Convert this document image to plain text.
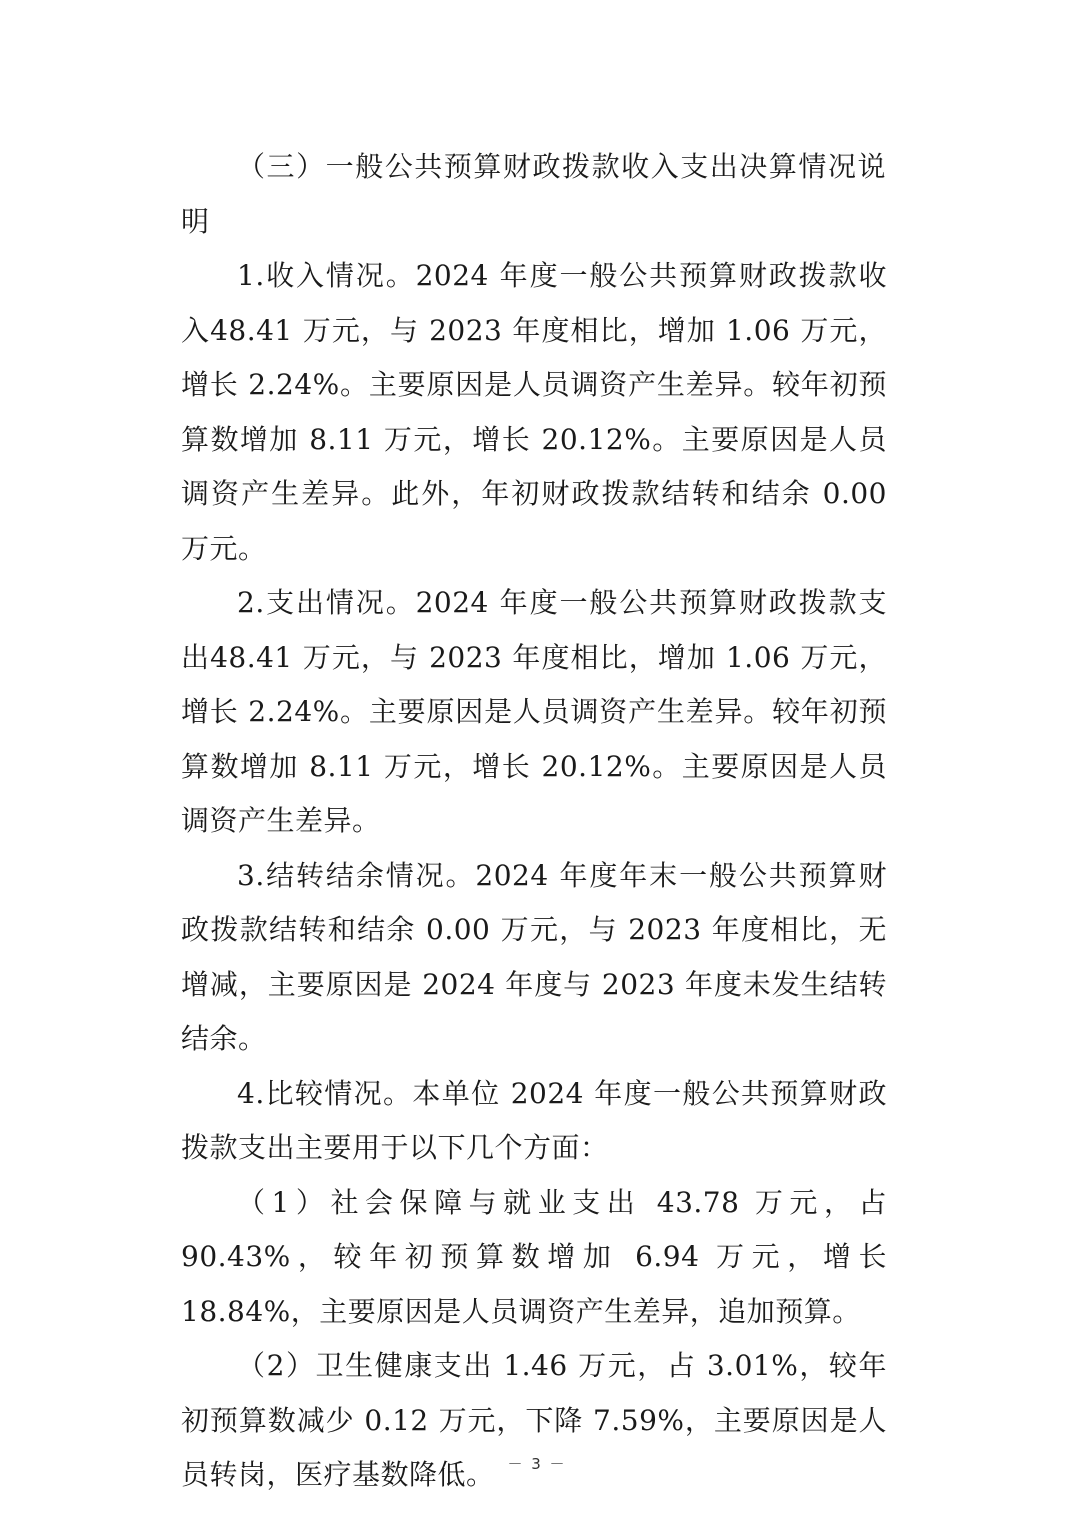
（三）一般公共预算财政拨款收入支出决算情况说明

1.收入情况。2024 年度一般公共预算财政拨款收入48.41 万元，与 2023 年度相比，增加 1.06 万元，增长 2.24%。主要原因是人员调资产生差异。较年初预算数增加 8.11 万元，增长 20.12%。主要原因是人员调资产生差异。此外，年初财政拨款结转和结余 0.00 万元。

2.支出情况。2024 年度一般公共预算财政拨款支出48.41 万元，与 2023 年度相比，增加 1.06 万元，增长 2.24%。主要原因是人员调资产生差异。较年初预算数增加 8.11 万元，增长 20.12%。主要原因是人员调资产生差异。

3.结转结余情况。2024 年度年末一般公共预算财政拨款结转和结余 0.00 万元，与 2023 年度相比，无增减，主要原因是 2024 年度与 2023 年度未发生结转结余。

4.比较情况。本单位 2024 年度一般公共预算财政拨款支出主要用于以下几个方面：

（1）社会保障与就业支出 43.78 万元，占 90.43%，较年初预算数增加 6.94 万元，增长 18.84%，主要原因是人员调资产生差异，追加预算。

（2）卫生健康支出 1.46 万元，占 3.01%，较年初预算数减少 0.12 万元，下降 7.59%，主要原因是人员转岗，医疗基数降低。 － 3 －
